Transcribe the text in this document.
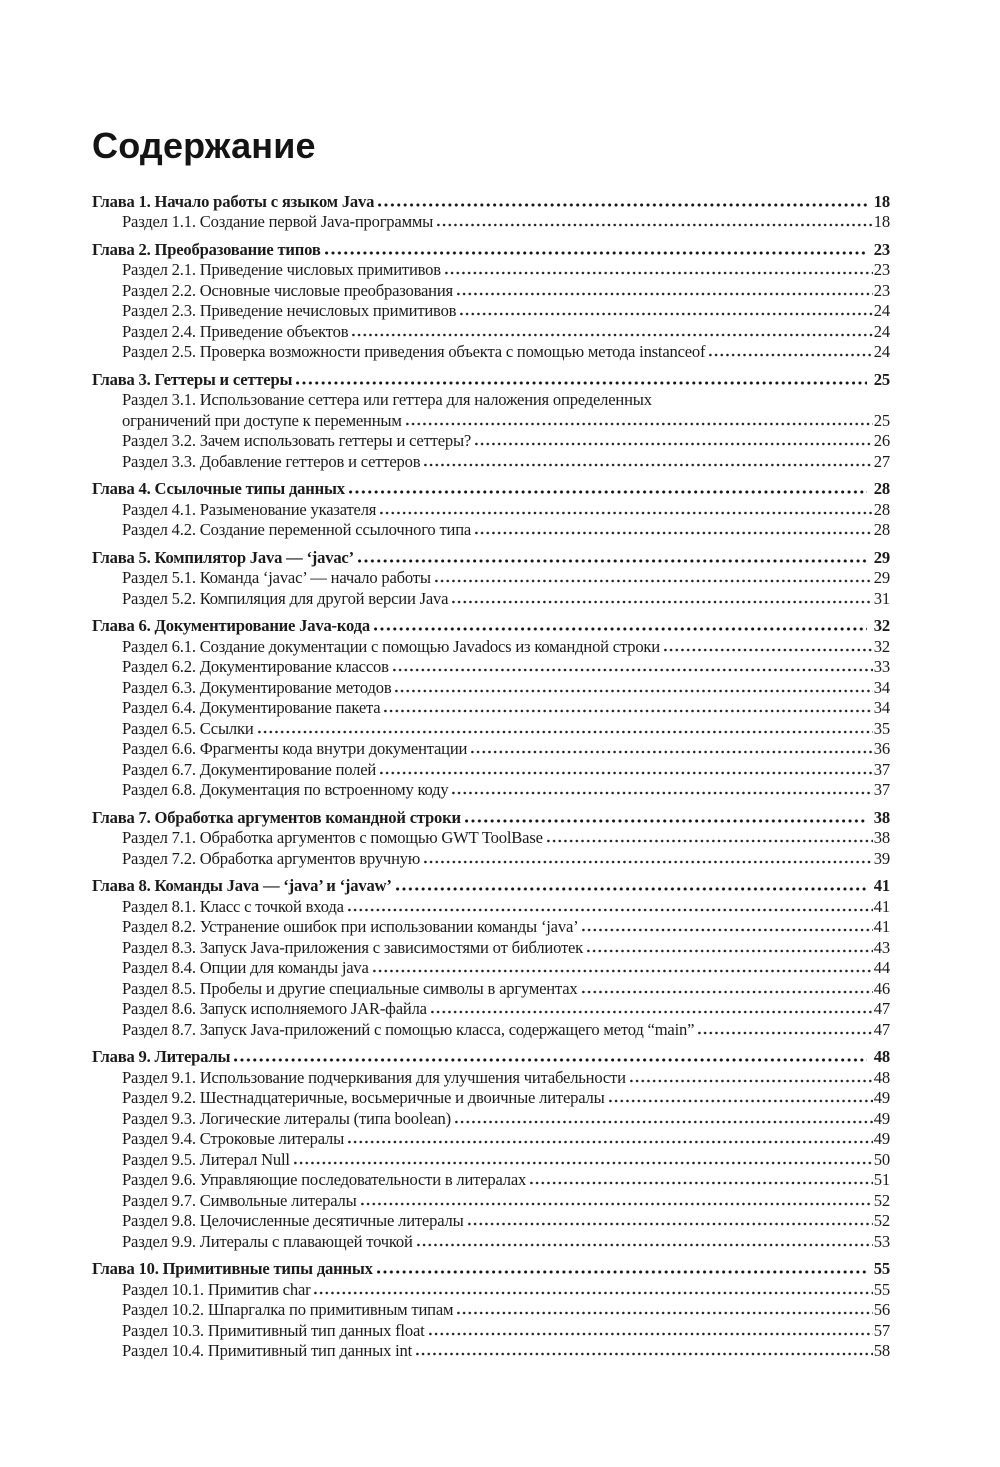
Содержание
Глава 1. Начало работы с языком Java	18
Раздел 1.1. Создание первой Java-программы	18
Глава 2. Преобразование типов	23
Раздел 2.1. Приведение числовых примитивов	23
Раздел 2.2. Основные числовые преобразования	23
Раздел 2.3. Приведение нечисловых примитивов	24
Раздел 2.4. Приведение объектов	24
Раздел 2.5. Проверка возможности приведения объекта с помощью метода instanceof	24
Глава 3. Геттеры и сеттеры	25
Раздел 3.1. Использование сеттера или геттера для наложения определенных
ограничений при доступе к переменным	25
Раздел 3.2. Зачем использовать геттеры и сеттеры?	26
Раздел 3.3. Добавление геттеров и сеттеров	27
Глава 4. Ссылочные типы данных	28
Раздел 4.1. Разыменование указателя	28
Раздел 4.2. Создание переменной ссылочного типа	28
Глава 5. Компилятор Java — ‘javac’	29
Раздел 5.1. Команда ‘javac’ — начало работы	29
Раздел 5.2. Компиляция для другой версии Java	31
Глава 6. Документирование Java-кода	32
Раздел 6.1. Создание документации с помощью Javadocs из командной строки	32
Раздел 6.2. Документирование классов	33
Раздел 6.3. Документирование методов	34
Раздел 6.4. Документирование пакета	34
Раздел 6.5. Ссылки	35
Раздел 6.6. Фрагменты кода внутри документации	36
Раздел 6.7. Документирование полей	37
Раздел 6.8. Документация по встроенному коду	37
Глава 7. Обработка аргументов командной строки	38
Раздел 7.1. Обработка аргументов с помощью GWT ToolBase	38
Раздел 7.2. Обработка аргументов вручную	39
Глава 8. Команды Java — ‘java’ и ‘javaw’	41
Раздел 8.1. Класс с точкой входа	41
Раздел 8.2. Устранение ошибок при использовании команды ‘java’	41
Раздел 8.3. Запуск Java-приложения с зависимостями от библиотек	43
Раздел 8.4. Опции для команды java	44
Раздел 8.5. Пробелы и другие специальные символы в аргументах	46
Раздел 8.6. Запуск исполняемого JAR-файла	47
Раздел 8.7. Запуск Java-приложений с помощью класса, содержащего метод “main”	47
Глава 9. Литералы	48
Раздел 9.1. Использование подчеркивания для улучшения читабельности	48
Раздел 9.2. Шестнадцатеричные, восьмеричные и двоичные литералы	49
Раздел 9.3. Логические литералы (типа boolean)	49
Раздел 9.4. Строковые литералы	49
Раздел 9.5. Литерал Null	50
Раздел 9.6. Управляющие последовательности в литералах	51
Раздел 9.7. Символьные литералы	52
Раздел 9.8. Целочисленные десятичные литералы	52
Раздел 9.9. Литералы с плавающей точкой	53
Глава 10. Примитивные типы данных	55
Раздел 10.1. Примитив char	55
Раздел 10.2. Шпаргалка по примитивным типам	56
Раздел 10.3. Примитивный тип данных float	57
Раздел 10.4. Примитивный тип данных int	58
